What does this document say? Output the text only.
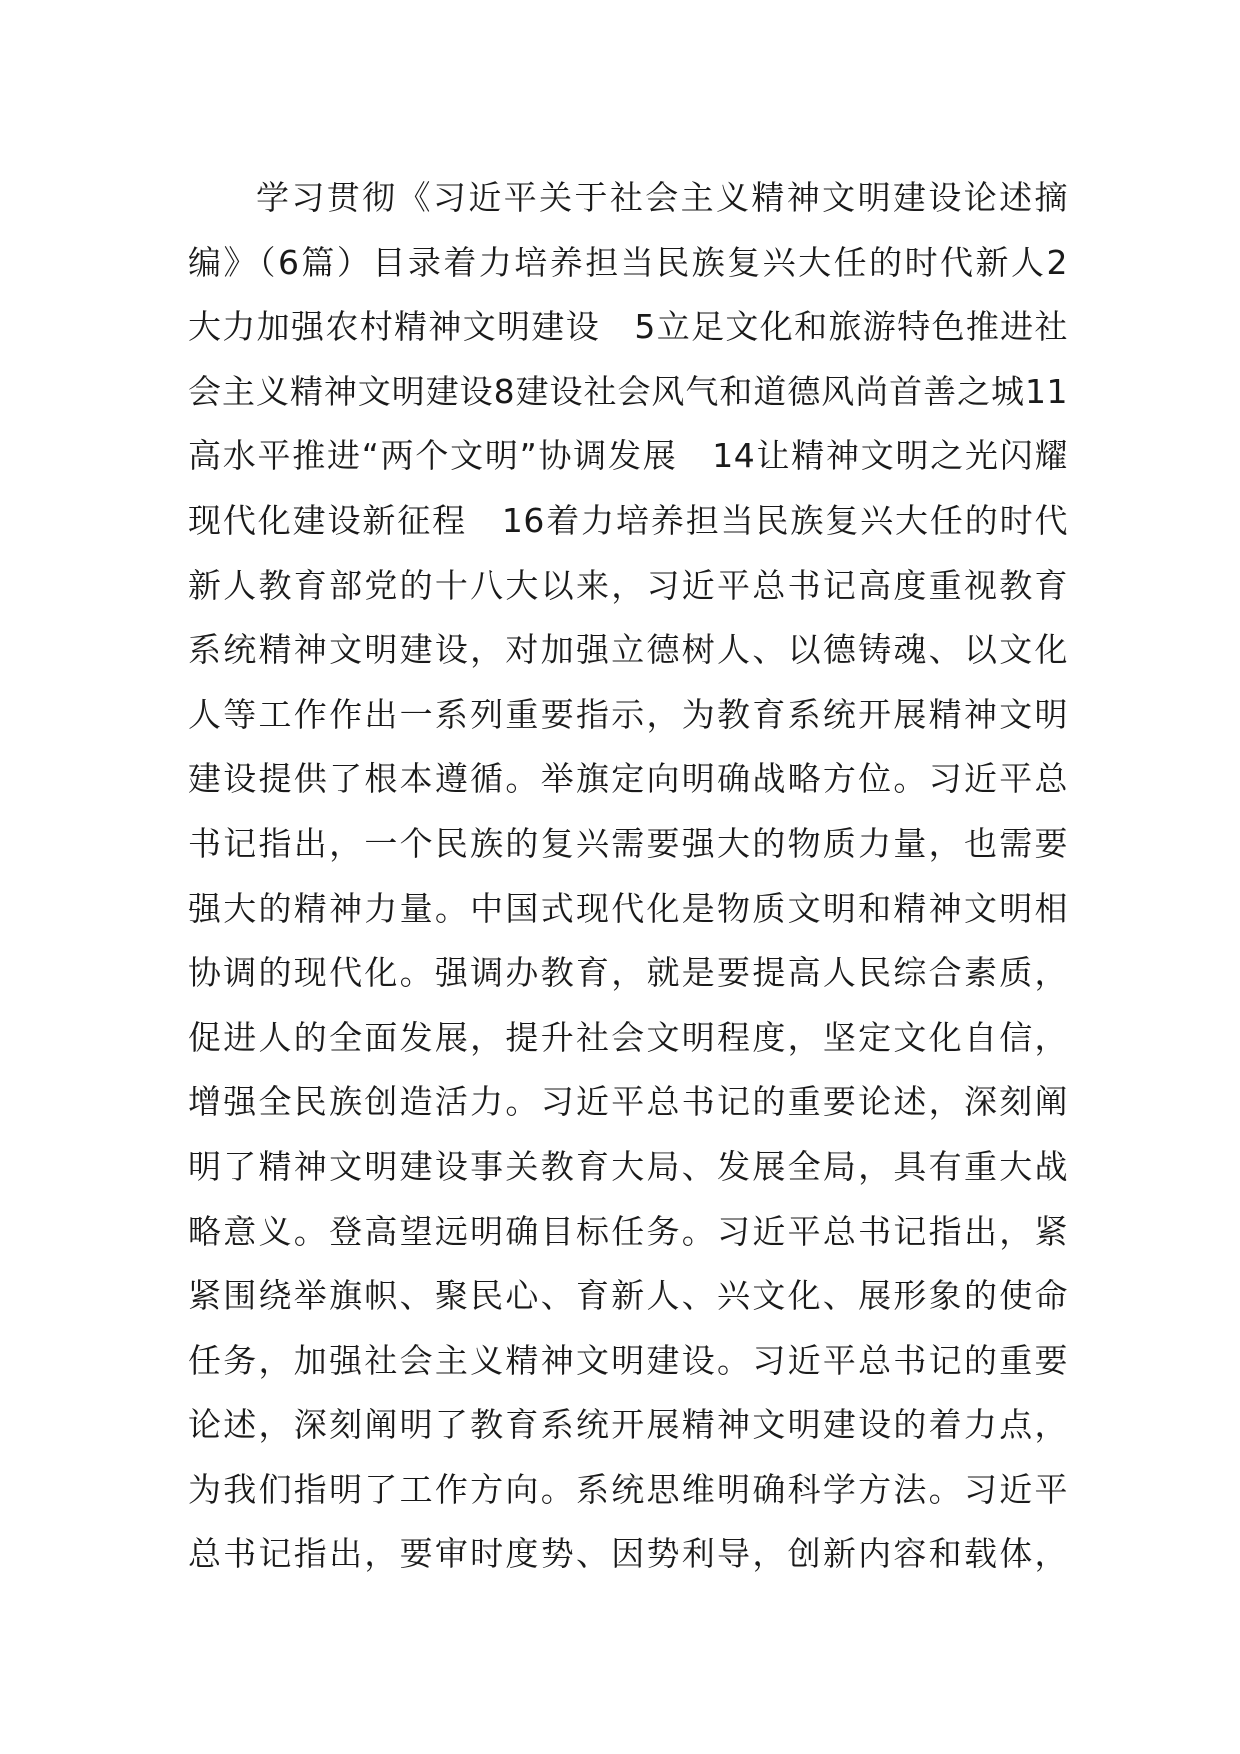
学习贯彻《习近平关于社会主义精神文明建设论述摘
编》（6篇）目录着力培养担当民族复兴大任的时代新人2
大力加强农村精神文明建设　5立足文化和旅游特色推进社
会主义精神文明建设8建设社会风气和道德风尚首善之城11
高水平推进“两个文明”协调发展　14让精神文明之光闪耀
现代化建设新征程　16着力培养担当民族复兴大任的时代
新人教育部党的十八大以来，习近平总书记高度重视教育
系统精神文明建设，对加强立德树人、以德铸魂、以文化
人等工作作出一系列重要指示，为教育系统开展精神文明
建设提供了根本遵循。举旗定向明确战略方位。习近平总
书记指出，一个民族的复兴需要强大的物质力量，也需要
强大的精神力量。中国式现代化是物质文明和精神文明相
协调的现代化。强调办教育，就是要提高人民综合素质，
促进人的全面发展，提升社会文明程度，坚定文化自信，
增强全民族创造活力。习近平总书记的重要论述，深刻阐
明了精神文明建设事关教育大局、发展全局，具有重大战
略意义。登高望远明确目标任务。习近平总书记指出，紧
紧围绕举旗帜、聚民心、育新人、兴文化、展形象的使命
任务，加强社会主义精神文明建设。习近平总书记的重要
论述，深刻阐明了教育系统开展精神文明建设的着力点，
为我们指明了工作方向。系统思维明确科学方法。习近平
总书记指出，要审时度势、因势利导，创新内容和载体，
